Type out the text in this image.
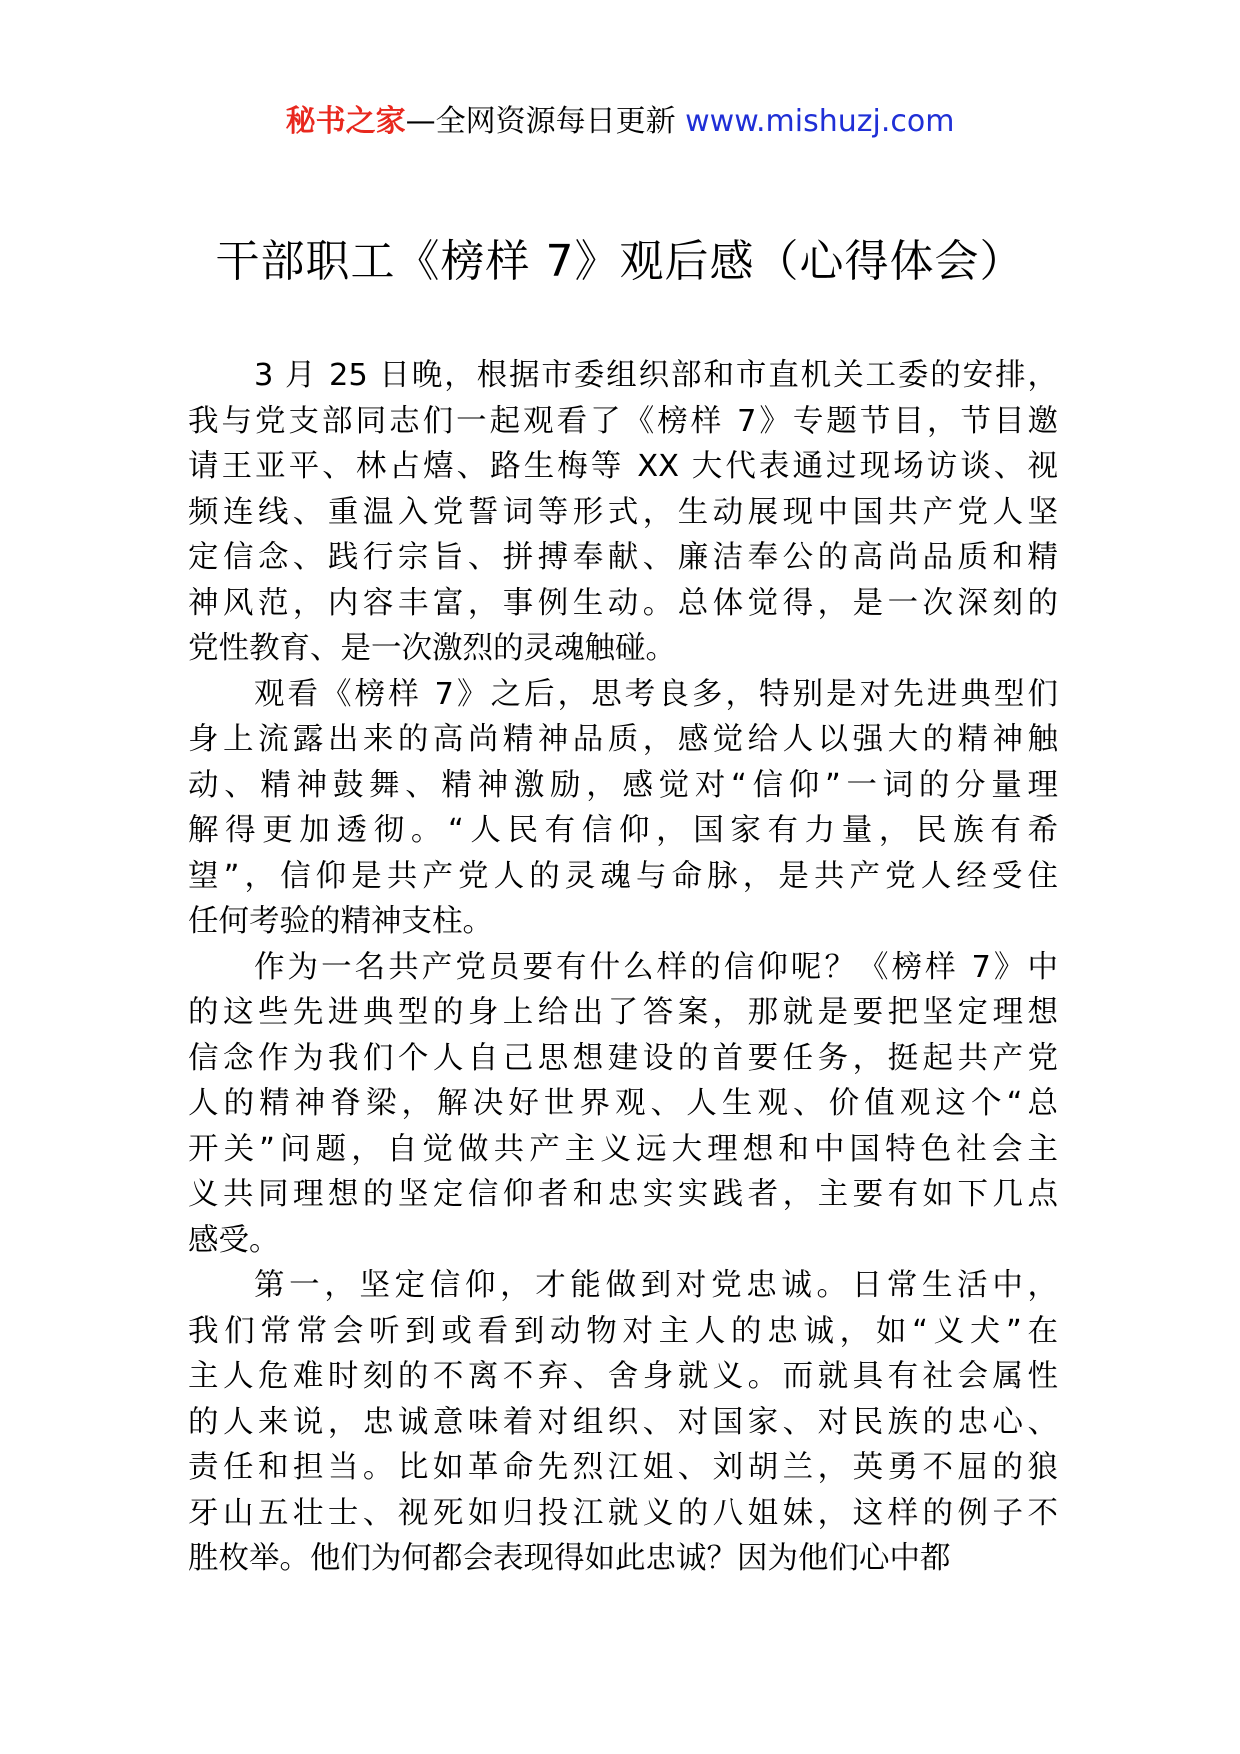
秘书之家—全网资源每日更新 www.mishuzj.com
干部职工《榜样 7》观后感（心得体会）
3 月 25 日晚，根据市委组织部和市直机关工委的安排，
我与党支部同志们一起观看了《榜样 7》专题节目，节目邀
请王亚平、林占熺、路生梅等 XX 大代表通过现场访谈、视
频连线、重温入党誓词等形式，生动展现中国共产党人坚
定信念、践行宗旨、拼搏奉献、廉洁奉公的高尚品质和精
神风范，内容丰富，事例生动。总体觉得，是一次深刻的
党性教育、是一次激烈的灵魂触碰。
观看《榜样 7》之后，思考良多，特别是对先进典型们
身上流露出来的高尚精神品质，感觉给人以强大的精神触
动、精神鼓舞、精神激励，感觉对“信仰”一词的分量理
解得更加透彻。“人民有信仰，国家有力量，民族有希
望”，信仰是共产党人的灵魂与命脉，是共产党人经受住
任何考验的精神支柱。
作为一名共产党员要有什么样的信仰呢？《榜样 7》中
的这些先进典型的身上给出了答案，那就是要把坚定理想
信念作为我们个人自己思想建设的首要任务，挺起共产党
人的精神脊梁，解决好世界观、人生观、价值观这个“总
开关”问题，自觉做共产主义远大理想和中国特色社会主
义共同理想的坚定信仰者和忠实实践者，主要有如下几点
感受。
第一，坚定信仰，才能做到对党忠诚。日常生活中，
我们常常会听到或看到动物对主人的忠诚，如“义犬”在
主人危难时刻的不离不弃、舍身就义。而就具有社会属性
的人来说，忠诚意味着对组织、对国家、对民族的忠心、
责任和担当。比如革命先烈江姐、刘胡兰，英勇不屈的狼
牙山五壮士、视死如归投江就义的八姐妹，这样的例子不
胜枚举。他们为何都会表现得如此忠诚？因为他们心中都
